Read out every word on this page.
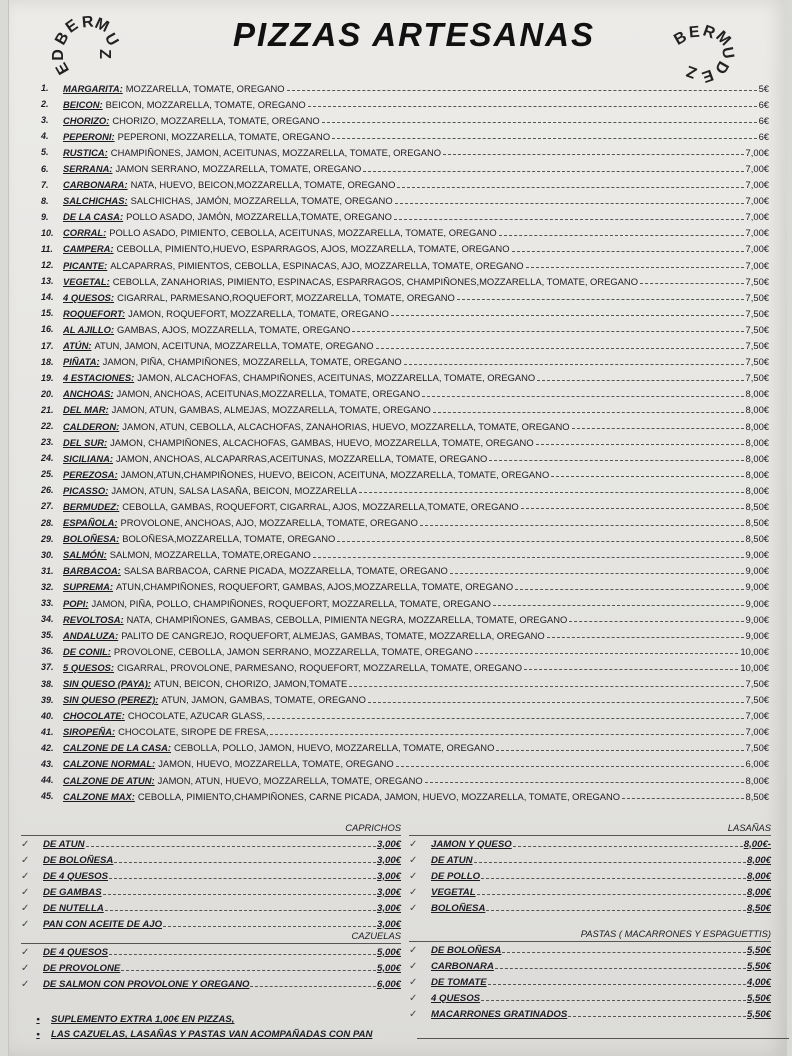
B
E R
M
U
D
E
Z
PIZZAS ARTESANAS	B
E R
M
U
D
E
Z
1.	MARGARITA: MOZZARELLA, TOMATE, OREGANO	5€
2.	BEICON: BEICON, MOZZARELLA, TOMATE, OREGANO	6€
3.	CHORIZO: CHORIZO, MOZZARELLA, TOMATE, OREGANO	6€
4.	PEPERONI: PEPERONI, MOZZARELLA, TOMATE, OREGANO	6€
5.	RUSTICA: CHAMPIÑONES, JAMON, ACEITUNAS, MOZZARELLA, TOMATE, OREGANO	7,00€
6.	SERRANA: JAMON SERRANO, MOZZARELLA, TOMATE, OREGANO	7,00€
7.	CARBONARA: NATA, HUEVO, BEICON,MOZZARELLA, TOMATE, OREGANO	7,00€
8.	SALCHICHAS: SALCHICHAS, JAMÓN, MOZZARELLA, TOMATE, OREGANO	7,00€
9.	DE LA CASA: POLLO ASADO, JAMÓN, MOZZARELLA,TOMATE, OREGANO	7,00€
10.	CORRAL: POLLO ASADO, PIMIENTO, CEBOLLA, ACEITUNAS, MOZZARELLA, TOMATE, OREGANO	7,00€
11.	CAMPERA: CEBOLLA, PIMIENTO,HUEVO, ESPARRAGOS, AJOS, MOZZARELLA, TOMATE, OREGANO	7,00€
12.	PICANTE: ALCAPARRAS, PIMIENTOS, CEBOLLA, ESPINACAS, AJO, MOZZARELLA, TOMATE, OREGANO	7,00€
13.	VEGETAL: CEBOLLA, ZANAHORIAS, PIMIENTO, ESPINACAS, ESPARRAGOS, CHAMPIÑONES,MOZZARELLA, TOMATE, OREGANO	7,50€
14.	4 QUESOS: CIGARRAL, PARMESANO,ROQUEFORT, MOZZARELLA, TOMATE, OREGANO	7,50€
15.	ROQUEFORT: JAMON, ROQUEFORT, MOZZARELLA, TOMATE, OREGANO	7,50€
16.	AL AJILLO: GAMBAS, AJOS, MOZZARELLA, TOMATE, OREGANO	7,50€
17.	ATÚN: ATUN, JAMON, ACEITUNA, MOZZARELLA, TOMATE, OREGANO	7,50€
18.	PIÑATA: JAMON, PIÑA, CHAMPIÑONES, MOZZARELLA, TOMATE, OREGANO	7,50€
19.	4 ESTACIONES: JAMON, ALCACHOFAS, CHAMPIÑONES, ACEITUNAS, MOZZARELLA, TOMATE, OREGANO	7,50€
20.	ANCHOAS: JAMON, ANCHOAS, ACEITUNAS,MOZZARELLA, TOMATE, OREGANO	8,00€
21.	DEL MAR: JAMON, ATUN, GAMBAS, ALMEJAS, MOZZARELLA, TOMATE, OREGANO	8,00€
22.	CALDERON: JAMON, ATUN, CEBOLLA, ALCACHOFAS, ZANAHORIAS, HUEVO, MOZZARELLA, TOMATE, OREGANO	8,00€
23.	DEL SUR: JAMON, CHAMPIÑONES, ALCACHOFAS, GAMBAS, HUEVO, MOZZARELLA, TOMATE, OREGANO	8,00€
24.	SICILIANA: JAMON, ANCHOAS, ALCAPARRAS,ACEITUNAS, MOZZARELLA, TOMATE, OREGANO	8,00€
25.	PEREZOSA: JAMON,ATUN,CHAMPIÑONES, HUEVO, BEICON, ACEITUNA, MOZZARELLA, TOMATE, OREGANO	8,00€
26.	PICASSO: JAMON, ATUN, SALSA LASAÑA, BEICON, MOZZARELLA	8,00€
27.	BERMUDEZ: CEBOLLA, GAMBAS, ROQUEFORT, CIGARRAL, AJOS, MOZZARELLA,TOMATE, OREGANO	8,50€
28.	ESPAÑOLA: PROVOLONE, ANCHOAS, AJO, MOZZARELLA, TOMATE, OREGANO	8,50€
29.	BOLOÑESA: BOLOÑESA,MOZZARELLA, TOMATE, OREGANO	8,50€
30.	SALMÓN: SALMON, MOZZARELLA, TOMATE,OREGANO	9,00€
31.	BARBACOA: SALSA BARBACOA, CARNE PICADA, MOZZARELLA, TOMATE, OREGANO	9,00€
32.	SUPREMA: ATUN,CHAMPIÑONES, ROQUEFORT, GAMBAS, AJOS,MOZZARELLA, TOMATE, OREGANO	9,00€
33.	POPI: JAMON, PIÑA, POLLO, CHAMPIÑONES, ROQUEFORT, MOZZARELLA, TOMATE, OREGANO	9,00€
34.	REVOLTOSA: NATA, CHAMPIÑONES, GAMBAS, CEBOLLA, PIMIENTA NEGRA, MOZZARELLA, TOMATE, OREGANO	9,00€
35.	ANDALUZA: PALITO DE CANGREJO, ROQUEFORT, ALMEJAS, GAMBAS, TOMATE, MOZZARELLA, OREGANO	9,00€
36.	DE CONIL: PROVOLONE, CEBOLLA, JAMON SERRANO, MOZZARELLA, TOMATE, OREGANO	10,00€
37.	5 QUESOS: CIGARRAL, PROVOLONE, PARMESANO, ROQUEFORT, MOZZARELLA, TOMATE, OREGANO	10,00€
38.	SIN QUESO (PAYA): ATUN, BEICON, CHORIZO, JAMON,TOMATE	7,50€
39.	SIN QUESO (PEREZ): ATUN, JAMON, GAMBAS, TOMATE, OREGANO	7,50€
40.	CHOCOLATE: CHOCOLATE, AZUCAR GLASS,	7,00€
41.	SIROPEÑA: CHOCOLATE, SIROPE DE FRESA,	7,00€
42.	CALZONE DE LA CASA: CEBOLLA, POLLO, JAMON, HUEVO, MOZZARELLA, TOMATE, OREGANO	7,50€
43.	CALZONE NORMAL: JAMON, HUEVO, MOZZARELLA, TOMATE, OREGANO	6,00€
44.	CALZONE DE ATUN: JAMON, ATUN, HUEVO, MOZZARELLA, TOMATE, OREGANO	8,00€
45.	CALZONE MAX: CEBOLLA, PIMIENTO,CHAMPIÑONES, CARNE PICADA, JAMON, HUEVO, MOZZARELLA, TOMATE, OREGANO	8,50€
CAPRICHOS
✓	DE ATUN	3,00€
✓	DE BOLOÑESA	3,00€
✓	DE 4 QUESOS	3,00€
✓	DE GAMBAS	3,00€
✓	DE NUTELLA	3,00€
✓	PAN CON ACEITE DE AJO	3,00€
LASAÑAS
✓	JAMON Y QUESO	8,00€-
✓	DE ATUN	8,00€
✓	DE POLLO	8,00€
✓	VEGETAL	8,00€
✓	BOLOÑESA	8,50€
CAZUELAS
✓	DE 4 QUESOS	5,00€
✓	DE PROVOLONE	5,00€
✓	DE SALMON CON PROVOLONE Y OREGANO	6,00€
PASTAS ( MACARRONES Y ESPAGUETTIS)
✓	DE BOLOÑESA	5,50€
✓	CARBONARA	5,50€
✓	DE TOMATE	4,00€
✓	4 QUESOS	5,50€
✓	MACARRONES GRATINADOS	5,50€
•	SUPLEMENTO EXTRA 1,00€ EN PIZZAS,
•	LAS CAZUELAS, LASAÑAS Y PASTAS VAN ACOMPAÑADAS CON PAN
